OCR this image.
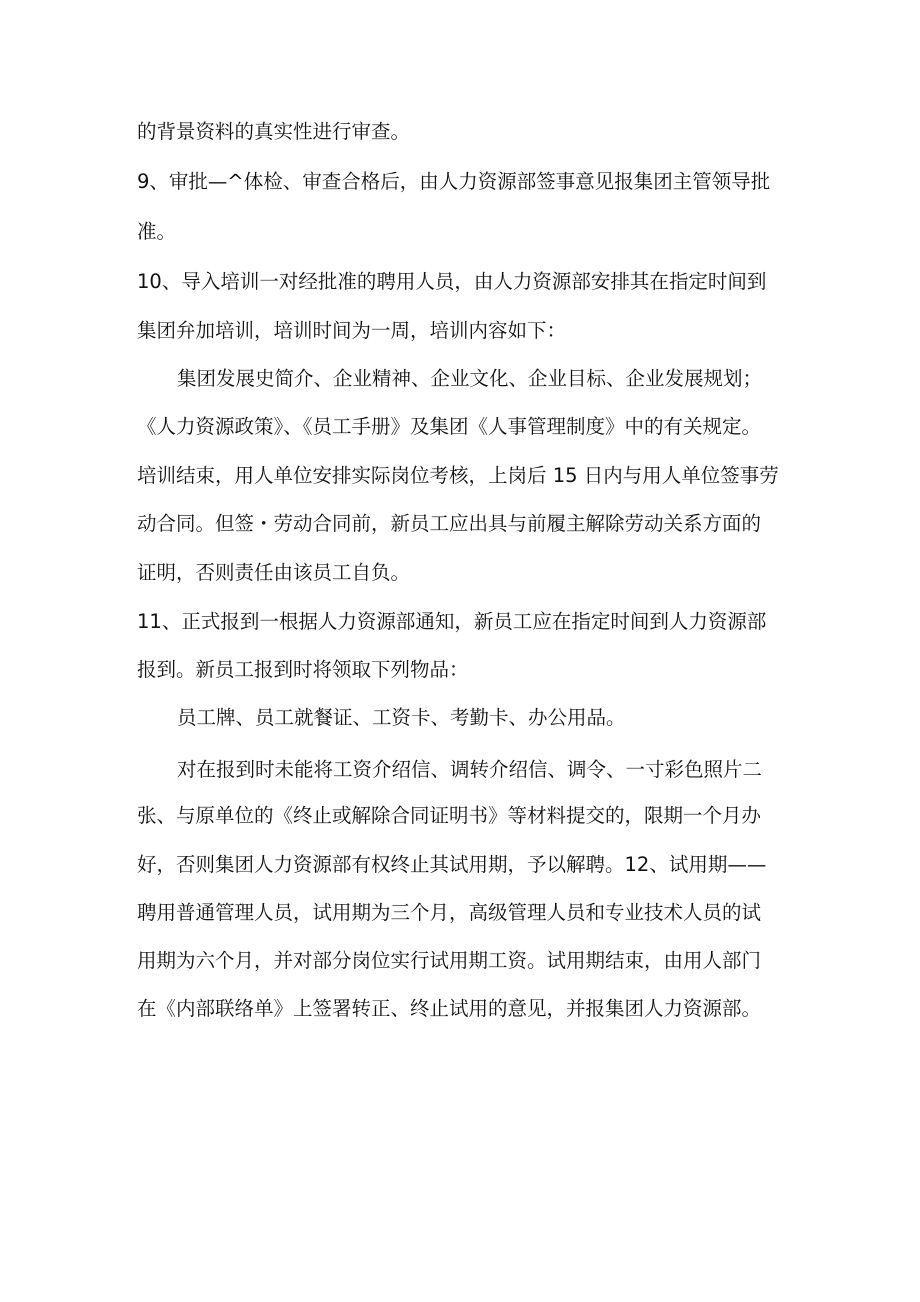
的背景资料的真实性进行审查。
9、审批—^体检、审查合格后，由人力资源部签事意见报集团主管领导批
准。
10、导入培训一对经批准的聘用人员，由人力资源部安排其在指定时间到
集团弁加培训，培训时间为一周，培训内容如下：
集团发展史简介、企业精神、企业文化、企业目标、企业发展规划；
《人力资源政策》、《员工手册》及集团《人事管理制度》中的有关规定。
培训结束，用人单位安排实际岗位考核，上岗后 15 日内与用人单位签事劳
动合同。但签・劳动合同前，新员工应出具与前履主解除劳动关系方面的
证明，否则责任由该员工自负。
11、正式报到一根据人力资源部通知，新员工应在指定时间到人力资源部
报到。新员工报到时将领取下列物品：
员工牌、员工就餐证、工资卡、考勤卡、办公用品。
对在报到时未能将工资介绍信、调转介绍信、调令、一寸彩色照片二
张、与原单位的《终止或解除合同证明书》等材料提交的，限期一个月办
好，否则集团人力资源部有权终止其试用期，予以解聘。12、试用期——
聘用普通管理人员，试用期为三个月，高级管理人员和专业技术人员的试
用期为六个月，并对部分岗位实行试用期工资。试用期结束，由用人部门
在《内部联络单》上签署转正、终止试用的意见，并报集团人力资源部。
